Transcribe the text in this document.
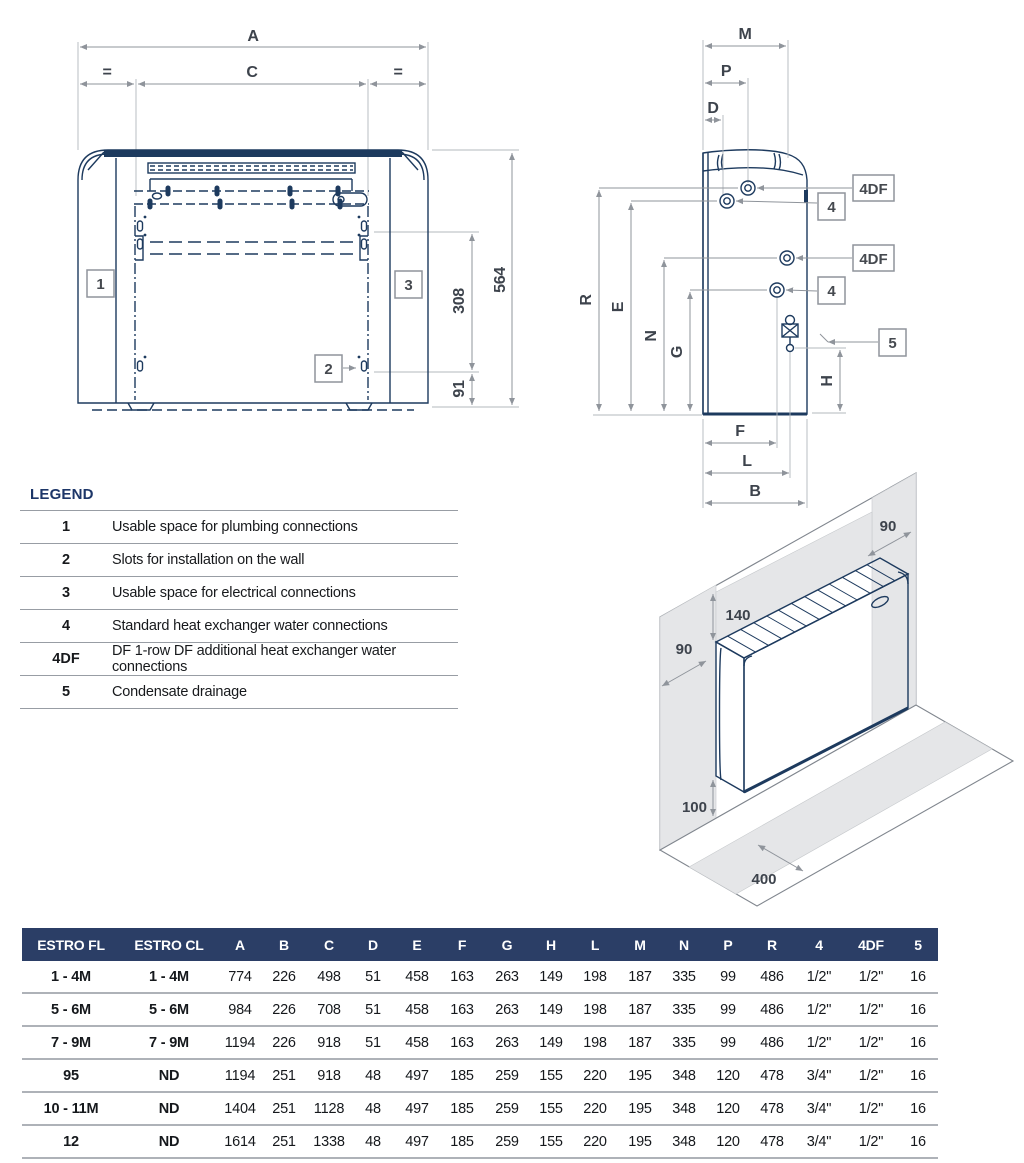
A
=	C	=
564
308
91
1	3
2
M
P
D
R
E
N
G
H
F
L
B
4DF
4
4DF
4
5
90
140
90
100
400
LEGEND
1	Usable space for plumbing connections
2	Slots for installation on the wall
3	Usable space for electrical connections
4	Standard heat exchanger water connections
4DF	DF 1-row DF additional heat exchanger water connections
5	Condensate drainage
ESTRO FL	ESTRO CL	A	B	C	D	E	F	G	H	L	M	N	P	R	4	4DF	5
1 - 4M	1 - 4M	774	226	498	51	458	163	263	149	198	187	335	99	486	1/2"	1/2"	16
5 - 6M	5 - 6M	984	226	708	51	458	163	263	149	198	187	335	99	486	1/2"	1/2"	16
7 - 9M	7 - 9M	1194	226	918	51	458	163	263	149	198	187	335	99	486	1/2"	1/2"	16
95	ND	1194	251	918	48	497	185	259	155	220	195	348	120	478	3/4"	1/2"	16
10 - 11M	ND	1404	251	1128	48	497	185	259	155	220	195	348	120	478	3/4"	1/2"	16
12	ND	1614	251	1338	48	497	185	259	155	220	195	348	120	478	3/4"	1/2"	16
